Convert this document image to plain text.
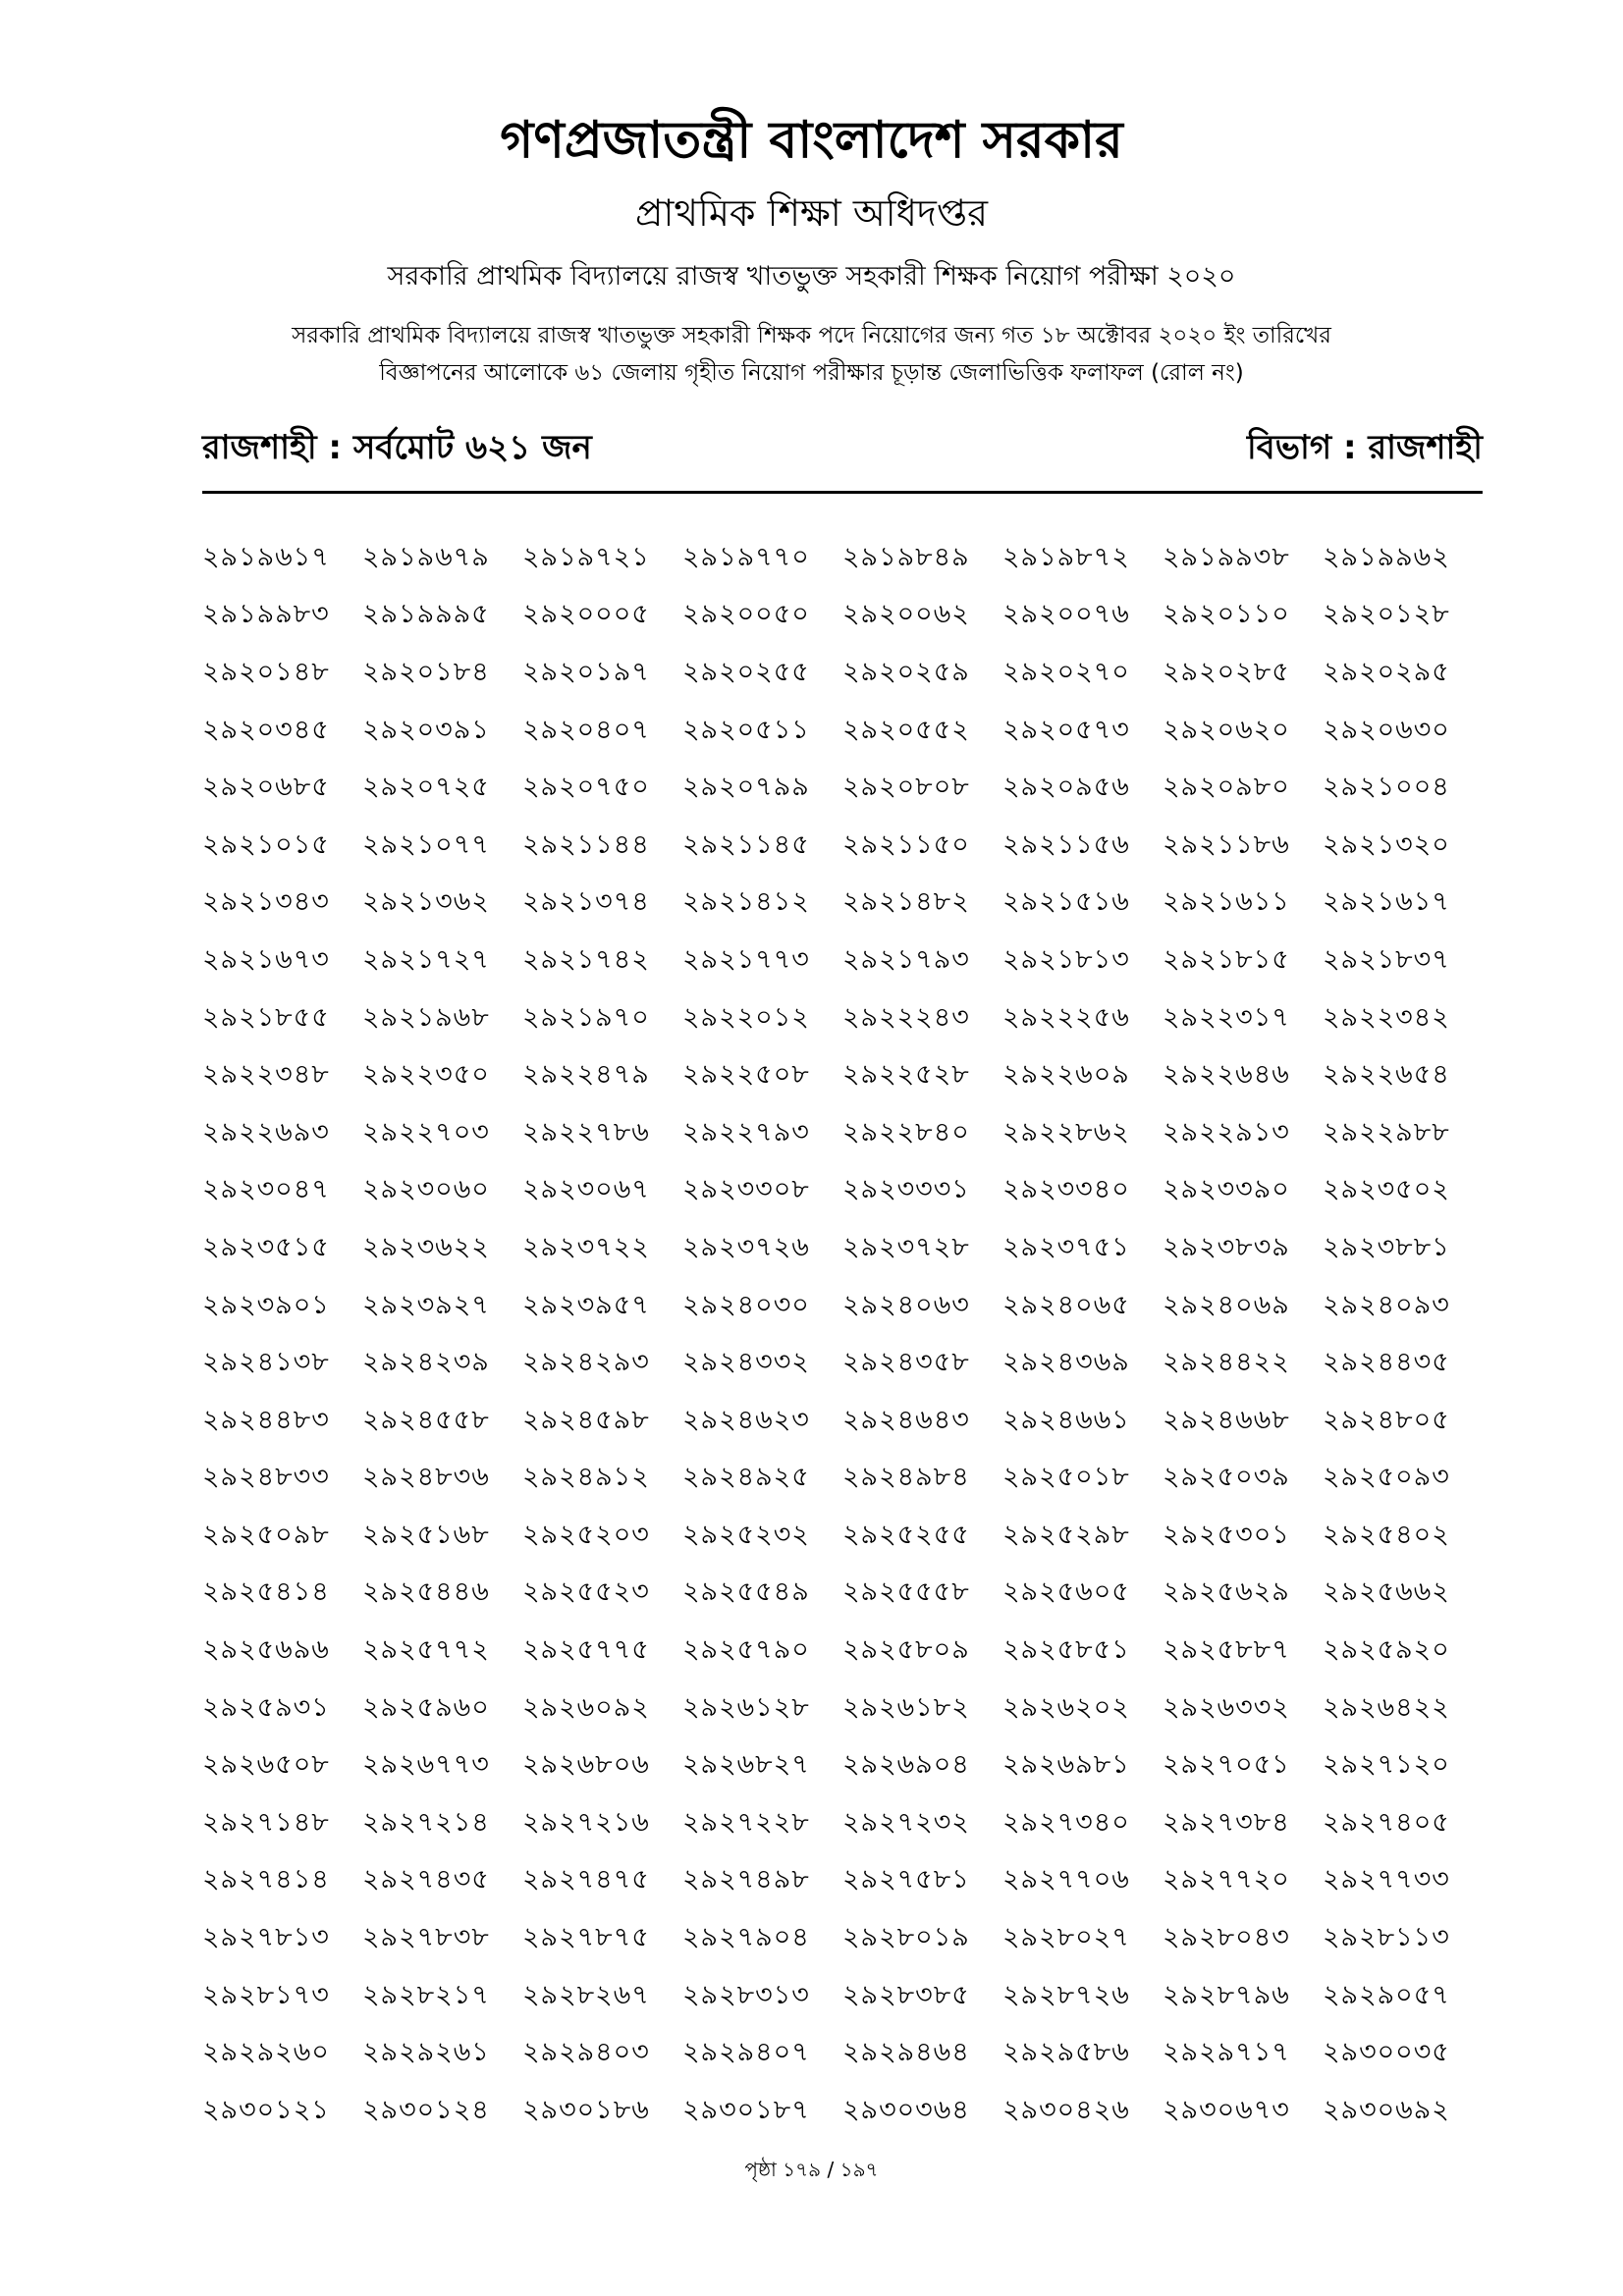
গণপ্রজাতন্ত্রী বাংলাদেশ সরকার
প্রাথমিক শিক্ষা অধিদপ্তর
সরকারি প্রাথমিক বিদ্যালয়ে রাজস্ব খাতভুক্ত সহকারী শিক্ষক নিয়োগ পরীক্ষা ২০২০
সরকারি প্রাথমিক বিদ্যালয়ে রাজস্ব খাতভুক্ত সহকারী শিক্ষক পদে নিয়োগের জন্য গত ১৮ অক্টোবর ২০২০ ইং তারিখের
বিজ্ঞাপনের আলোকে ৬১ জেলায় গৃহীত নিয়োগ পরীক্ষার চূড়ান্ত জেলাভিত্তিক ফলাফল (রোল নং)
রাজশাহী : সর্বমোট ৬২১ জন	বিভাগ : রাজশাহী
২৯১৯৬১৭	২৯১৯৬৭৯	২৯১৯৭২১	২৯১৯৭৭০	২৯১৯৮৪৯	২৯১৯৮৭২	২৯১৯৯৩৮	২৯১৯৯৬২
২৯১৯৯৮৩	২৯১৯৯৯৫	২৯২০০০৫	২৯২০০৫০	২৯২০০৬২	২৯২০০৭৬	২৯২০১১০	২৯২০১২৮
২৯২০১৪৮	২৯২০১৮৪	২৯২০১৯৭	২৯২০২৫৫	২৯২০২৫৯	২৯২০২৭০	২৯২০২৮৫	২৯২০২৯৫
২৯২০৩৪৫	২৯২০৩৯১	২৯২০৪০৭	২৯২০৫১১	২৯২০৫৫২	২৯২০৫৭৩	২৯২০৬২০	২৯২০৬৩০
২৯২০৬৮৫	২৯২০৭২৫	২৯২০৭৫০	২৯২০৭৯৯	২৯২০৮০৮	২৯২০৯৫৬	২৯২০৯৮০	২৯২১০০৪
২৯২১০১৫	২৯২১০৭৭	২৯২১১৪৪	২৯২১১৪৫	২৯২১১৫০	২৯২১১৫৬	২৯২১১৮৬	২৯২১৩২০
২৯২১৩৪৩	২৯২১৩৬২	২৯২১৩৭৪	২৯২১৪১২	২৯২১৪৮২	২৯২১৫১৬	২৯২১৬১১	২৯২১৬১৭
২৯২১৬৭৩	২৯২১৭২৭	২৯২১৭৪২	২৯২১৭৭৩	২৯২১৭৯৩	২৯২১৮১৩	২৯২১৮১৫	২৯২১৮৩৭
২৯২১৮৫৫	২৯২১৯৬৮	২৯২১৯৭০	২৯২২০১২	২৯২২২৪৩	২৯২২২৫৬	২৯২২৩১৭	২৯২২৩৪২
২৯২২৩৪৮	২৯২২৩৫০	২৯২২৪৭৯	২৯২২৫০৮	২৯২২৫২৮	২৯২২৬০৯	২৯২২৬৪৬	২৯২২৬৫৪
২৯২২৬৯৩	২৯২২৭০৩	২৯২২৭৮৬	২৯২২৭৯৩	২৯২২৮৪০	২৯২২৮৬২	২৯২২৯১৩	২৯২২৯৮৮
২৯২৩০৪৭	২৯২৩০৬০	২৯২৩০৬৭	২৯২৩৩০৮	২৯২৩৩৩১	২৯২৩৩৪০	২৯২৩৩৯০	২৯২৩৫০২
২৯২৩৫১৫	২৯২৩৬২২	২৯২৩৭২২	২৯২৩৭২৬	২৯২৩৭২৮	২৯২৩৭৫১	২৯২৩৮৩৯	২৯২৩৮৮১
২৯২৩৯০১	২৯২৩৯২৭	২৯২৩৯৫৭	২৯২৪০৩০	২৯২৪০৬৩	২৯২৪০৬৫	২৯২৪০৬৯	২৯২৪০৯৩
২৯২৪১৩৮	২৯২৪২৩৯	২৯২৪২৯৩	২৯২৪৩৩২	২৯২৪৩৫৮	২৯২৪৩৬৯	২৯২৪৪২২	২৯২৪৪৩৫
২৯২৪৪৮৩	২৯২৪৫৫৮	২৯২৪৫৯৮	২৯২৪৬২৩	২৯২৪৬৪৩	২৯২৪৬৬১	২৯২৪৬৬৮	২৯২৪৮০৫
২৯২৪৮৩৩	২৯২৪৮৩৬	২৯২৪৯১২	২৯২৪৯২৫	২৯২৪৯৮৪	২৯২৫০১৮	২৯২৫০৩৯	২৯২৫০৯৩
২৯২৫০৯৮	২৯২৫১৬৮	২৯২৫২০৩	২৯২৫২৩২	২৯২৫২৫৫	২৯২৫২৯৮	২৯২৫৩০১	২৯২৫৪০২
২৯২৫৪১৪	২৯২৫৪৪৬	২৯২৫৫২৩	২৯২৫৫৪৯	২৯২৫৫৫৮	২৯২৫৬০৫	২৯২৫৬২৯	২৯২৫৬৬২
২৯২৫৬৯৬	২৯২৫৭৭২	২৯২৫৭৭৫	২৯২৫৭৯০	২৯২৫৮০৯	২৯২৫৮৫১	২৯২৫৮৮৭	২৯২৫৯২০
২৯২৫৯৩১	২৯২৫৯৬০	২৯২৬০৯২	২৯২৬১২৮	২৯২৬১৮২	২৯২৬২০২	২৯২৬৩৩২	২৯২৬৪২২
২৯২৬৫০৮	২৯২৬৭৭৩	২৯২৬৮০৬	২৯২৬৮২৭	২৯২৬৯০৪	২৯২৬৯৮১	২৯২৭০৫১	২৯২৭১২০
২৯২৭১৪৮	২৯২৭২১৪	২৯২৭২১৬	২৯২৭২২৮	২৯২৭২৩২	২৯২৭৩৪০	২৯২৭৩৮৪	২৯২৭৪০৫
২৯২৭৪১৪	২৯২৭৪৩৫	২৯২৭৪৭৫	২৯২৭৪৯৮	২৯২৭৫৮১	২৯২৭৭০৬	২৯২৭৭২০	২৯২৭৭৩৩
২৯২৭৮১৩	২৯২৭৮৩৮	২৯২৭৮৭৫	২৯২৭৯০৪	২৯২৮০১৯	২৯২৮০২৭	২৯২৮০৪৩	২৯২৮১১৩
২৯২৮১৭৩	২৯২৮২১৭	২৯২৮২৬৭	২৯২৮৩১৩	২৯২৮৩৮৫	২৯২৮৭২৬	২৯২৮৭৯৬	২৯২৯০৫৭
২৯২৯২৬০	২৯২৯২৬১	২৯২৯৪০৩	২৯২৯৪০৭	২৯২৯৪৬৪	২৯২৯৫৮৬	২৯২৯৭১৭	২৯৩০০৩৫
২৯৩০১২১	২৯৩০১২৪	২৯৩০১৮৬	২৯৩০১৮৭	২৯৩০৩৬৪	২৯৩০৪২৬	২৯৩০৬৭৩	২৯৩০৬৯২
পৃষ্ঠা ১৭৯ / ১৯৭
